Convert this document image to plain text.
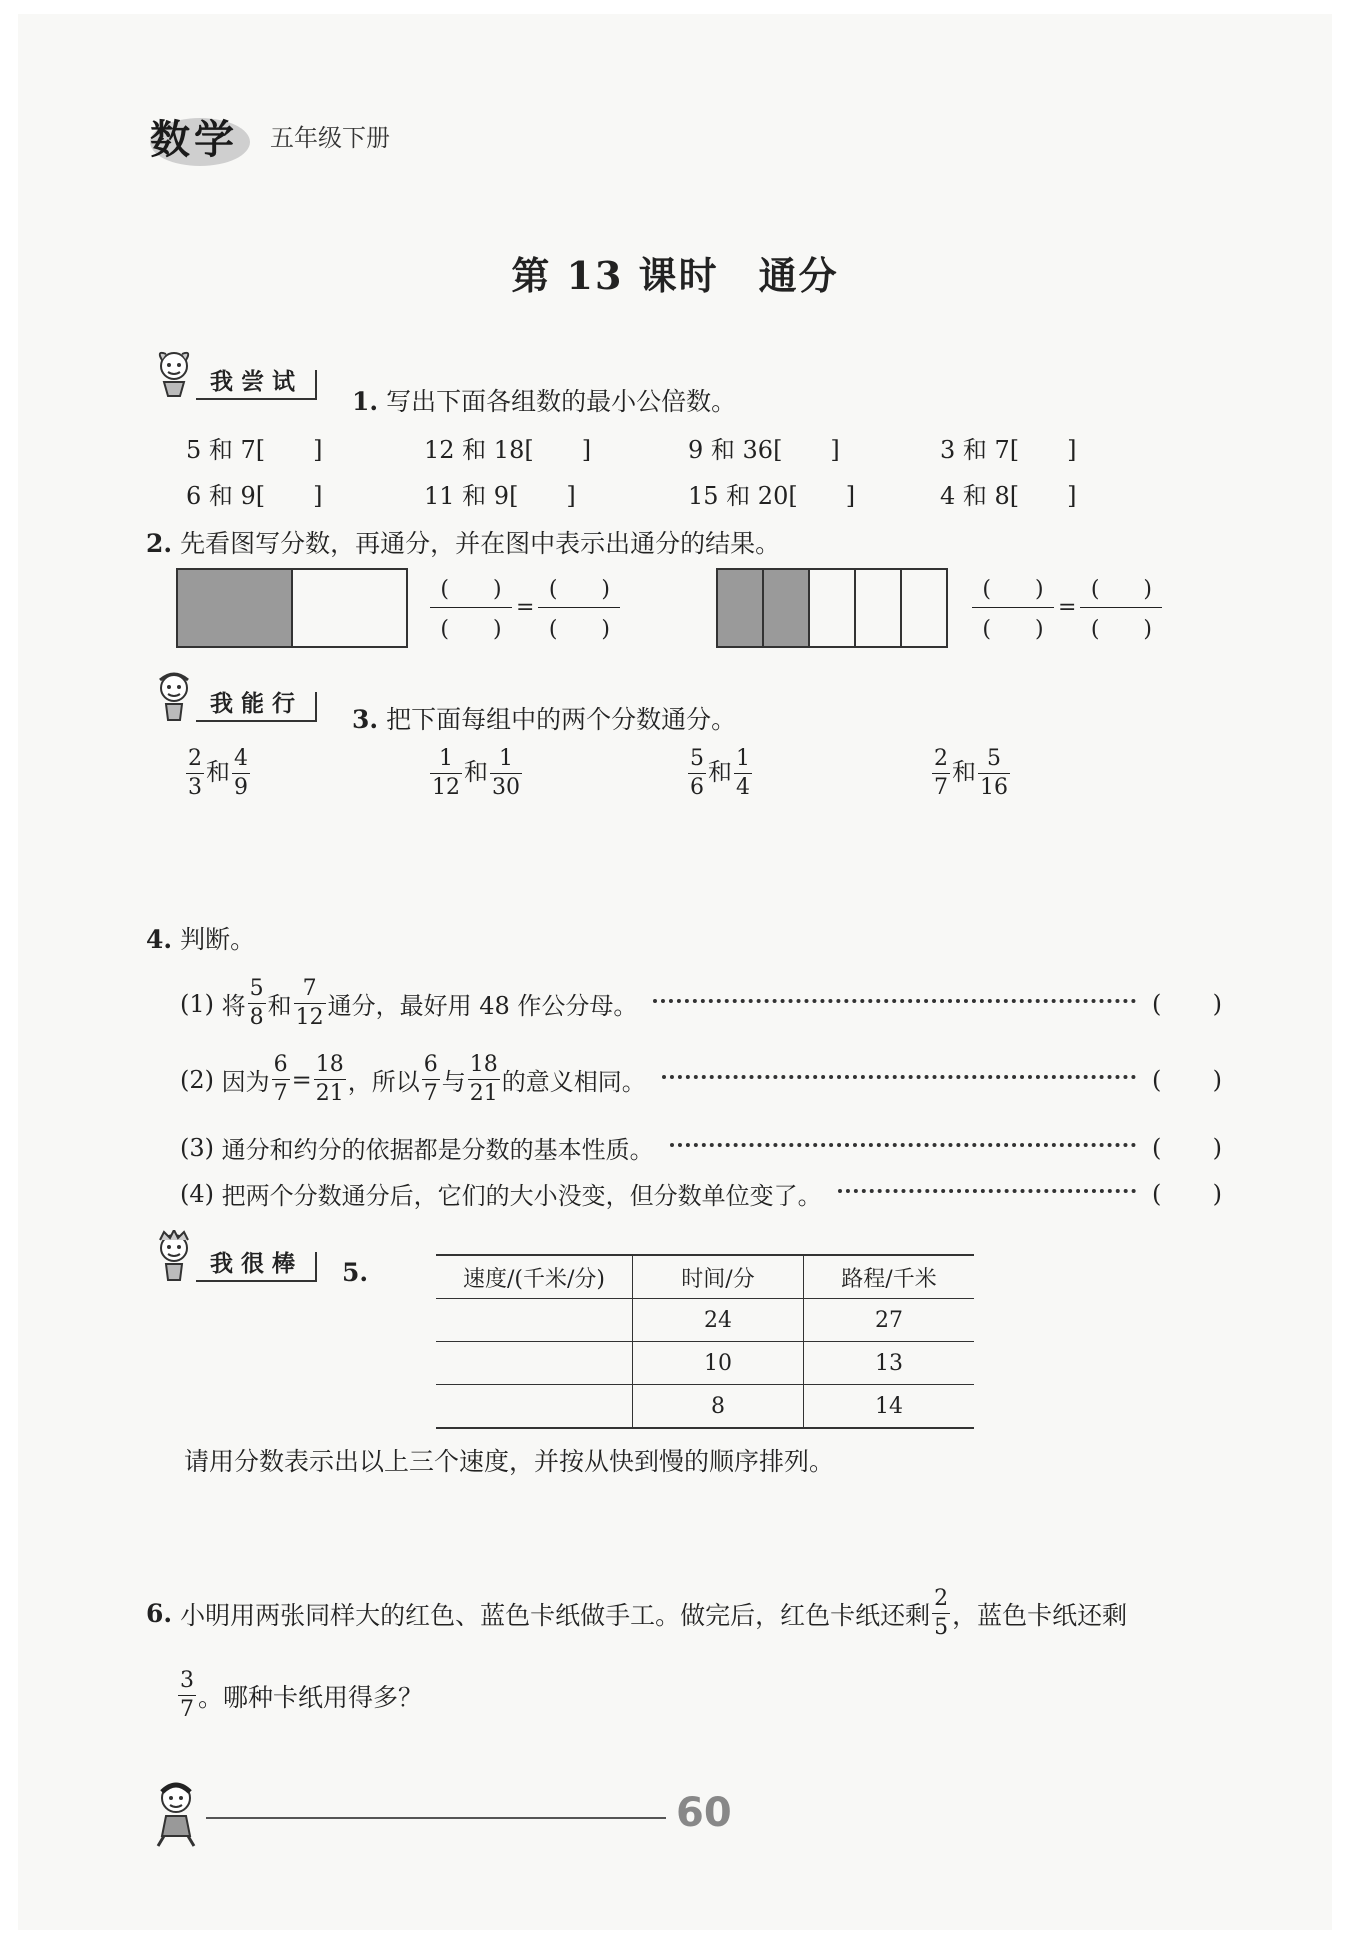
数学 五年级下册
第 13 课时　通分
我尝试
1. 写出下面各组数的最小公倍数。
5 和 7[　　]	12 和 18[　　]	9 和 36[　　]	3 和 7[　　]
6 和 9[　　]	11 和 9[　　]	15 和 20[　　]	4 和 8[　　]
2. 先看图写分数，再通分，并在图中表示出通分的结果。
(　　)
(　　)
=
(　　)
(　　)
(　　)
(　　)
=
(　　)
(　　)
我能行
3. 把下面每组中的两个分数通分。
$\frac{2}{3}$ 和 $\frac{4}{9}$	$\frac{1}{12}$ 和 $\frac{1}{30}$	$\frac{5}{6}$ 和 $\frac{1}{4}$	$\frac{2}{7}$ 和 $\frac{5}{16}$
4. 判断。
(1)
将 $\frac{5}{8}$ 和 $\frac{7}{12}$ 通分，最好用 48 作公分母。	( )
(2)
因为 $\frac{6}{7} = \frac{18}{21}$ ，所以 $\frac{6}{7}$ 与 $\frac{18}{21}$ 的意义相同。	( )
(3)
通分和约分的依据都是分数的基本性质。	( )
(4)
把两个分数通分后，它们的大小没变，但分数单位变了。	( )
我很棒	5.	速度/(千米/分)	时间/分	路程/千米
	24	27
	10	13
	8	14
请用分数表示出以上三个速度，并按从快到慢的顺序排列。
6.
小明用两张同样大的红色、蓝色卡纸做手工。做完后，红色卡纸还剩 $\frac{2}{5}$ ，蓝色卡纸还剩
$\frac{3}{7}$ 。哪种卡纸用得多？
60
